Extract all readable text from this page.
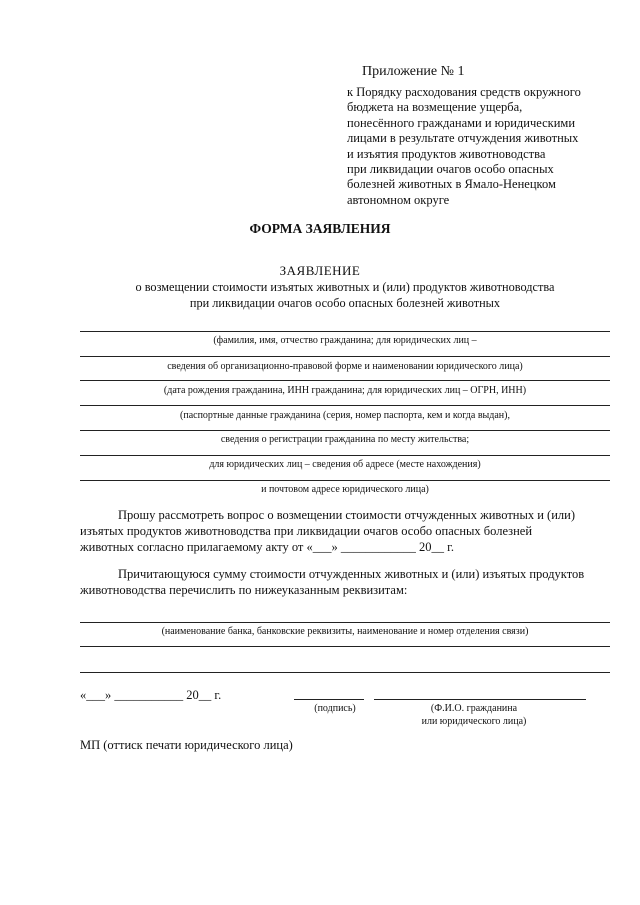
Приложение № 1
к Порядку расходования средств окружного
бюджета на возмещение ущерба,
понесённого гражданами и юридическими
лицами в результате отчуждения животных
и изъятия продуктов животноводства
при ликвидации очагов особо опасных
болезней животных в Ямало-Ненецком
автономном округе
ФОРМА ЗАЯВЛЕНИЯ
ЗАЯВЛЕНИЕ
о возмещении стоимости изъятых животных и (или) продуктов животноводства
при ликвидации очагов особо опасных болезней животных
(фамилия, имя, отчество гражданина; для юридических лиц –
сведения об организационно-правовой форме и наименовании юридического лица)
(дата рождения гражданина, ИНН гражданина; для юридических лиц – ОГРН, ИНН)
(паспортные данные гражданина (серия, номер паспорта, кем и когда выдан),
сведения о регистрации гражданина по месту жительства;
для юридических лиц – сведения об адресе (месте нахождения)
и почтовом адресе юридического лица)
Прошу рассмотреть вопрос о возмещении стоимости отчужденных животных и (или)
изъятых продуктов животноводства при ликвидации очагов особо опасных болезней
животных согласно прилагаемому акту от «___» ____________ 20__ г.
Причитающуюся сумму стоимости отчужденных животных и (или) изъятых продуктов
животноводства перечислить по нижеуказанным реквизитам:
(наименование банка, банковские реквизиты, наименование и номер отделения связи)
«___» ___________ 20__ г.
(подпись)	(Ф.И.О. гражданина
или юридического лица)
МП (оттиск печати юридического лица)
